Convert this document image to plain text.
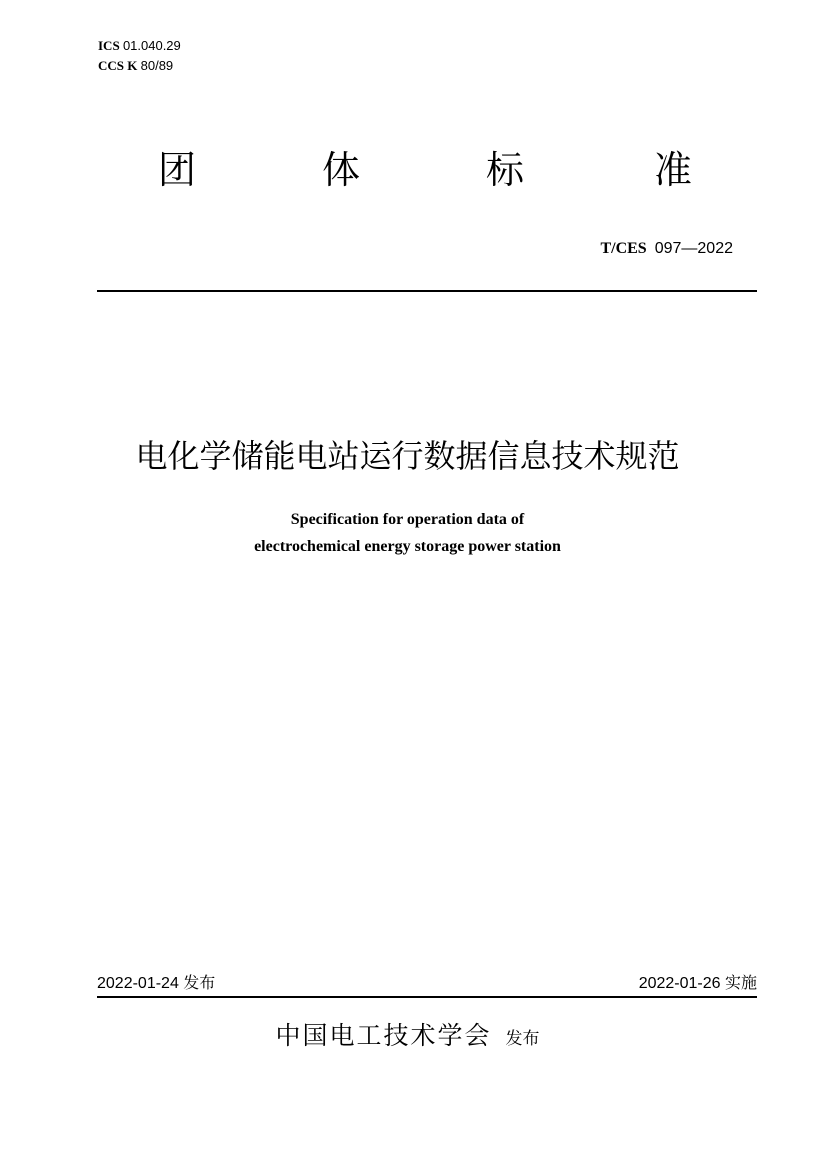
ICS 01.040.29
CCS K 80/89
团	体	标	准
T/CES 097—2022
电化学储能电站运行数据信息技术规范
Specification for operation data of
electrochemical energy storage power station
2022-01-24 发布	2022-01-26 实施
中国电工技术学会 发布
